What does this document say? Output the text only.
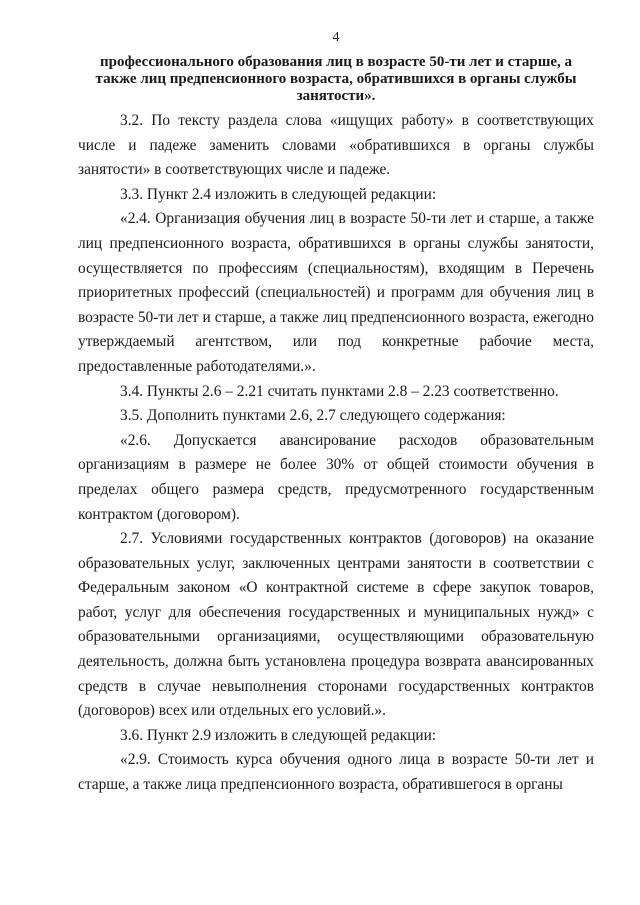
4
профессионального образования лиц в возрасте 50-ти лет и старше, а также лиц предпенсионного возраста, обратившихся в органы службы занятости».

3.2. По тексту раздела слова «ищущих работу» в соответствующих числе и падеже заменить словами «обратившихся в органы службы занятости» в соответствующих числе и падеже.

3.3. Пункт 2.4 изложить в следующей редакции:

«2.4. Организация обучения лиц в возрасте 50-ти лет и старше, а также лиц предпенсионного возраста, обратившихся в органы службы занятости, осуществляется по профессиям (специальностям), входящим в Перечень приоритетных профессий (специальностей) и программ для обучения лиц в возрасте 50-ти лет и старше, а также лиц предпенсионного возраста, ежегодно утверждаемый агентством, или под конкретные рабочие места, предоставленные работодателями.».

3.4. Пункты 2.6 – 2.21 считать пунктами 2.8 – 2.23 соответственно.

3.5. Дополнить пунктами 2.6, 2.7 следующего содержания:

«2.6. Допускается авансирование расходов образовательным организациям в размере не более 30% от общей стоимости обучения в пределах общего размера средств, предусмотренного государственным контрактом (договором).

2.7. Условиями государственных контрактов (договоров) на оказание образовательных услуг, заключенных центрами занятости в соответствии с Федеральным законом «О контрактной системе в сфере закупок товаров, работ, услуг для обеспечения государственных и муниципальных нужд» с образовательными организациями, осуществляющими образовательную деятельность, должна быть установлена процедура возврата авансированных средств в случае невыполнения сторонами государственных контрактов (договоров) всех или отдельных его условий.».

3.6. Пункт 2.9 изложить в следующей редакции:

«2.9. Стоимость курса обучения одного лица в возрасте 50-ти лет и старше, а также лица предпенсионного возраста, обратившегося в органы
